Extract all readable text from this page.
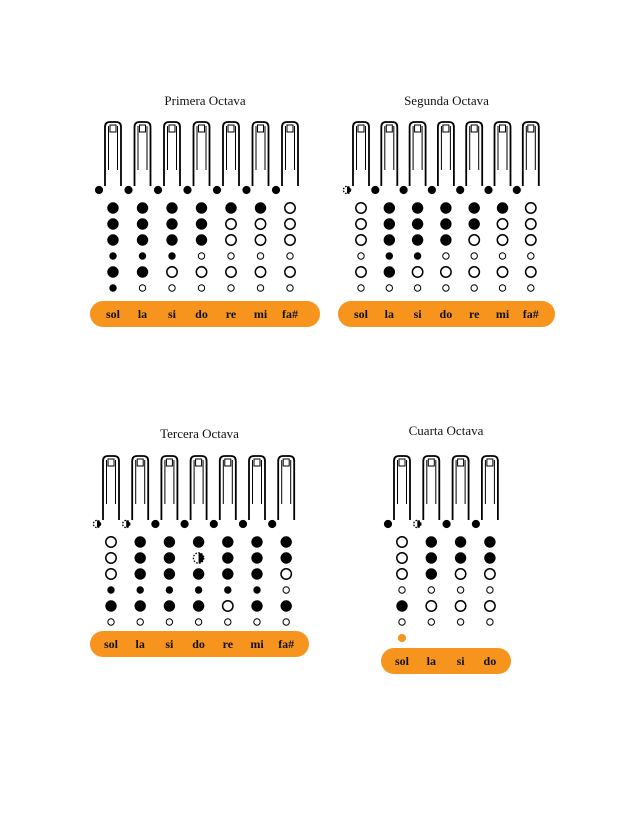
Primera Octava
sol	la	si	do	re	mi	fa#
Segunda Octava
sol	la	si	do	re	mi	fa#
Tercera Octava
sol	la	si	do	re	mi	fa#
Cuarta Octava
sol	la	si	do
